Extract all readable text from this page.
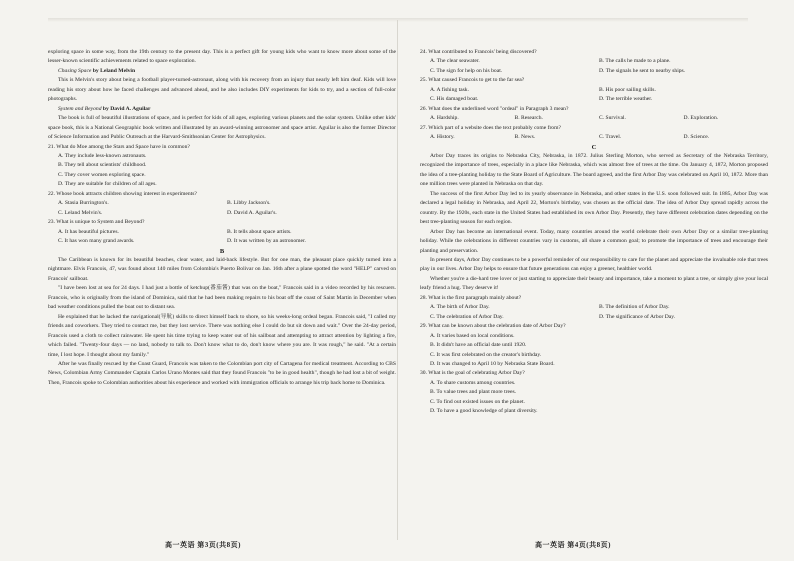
exploring space in some way, from the 19th century to the present day. This is a perfect gift for young kids who want to know more about some of the lesser-known scientific achievements related to space exploration.

Chasing Space by Leland Melvin

This is Melvin's story about being a football player-turned-astronaut, along with his recovery from an injury that nearly left him deaf. Kids will love reading his story about how he faced challenges and advanced ahead, and he also includes DIY experiments for kids to try, and a section of full-color photographs.

System and Beyond by David A. Aguilar

The book is full of beautiful illustrations of space, and is perfect for kids of all ages, exploring various planets and the solar system. Unlike other kids' space book, this is a National Geographic book written and illustrated by an award-winning astronomer and space artist. Aguilar is also the former Director of Science Information and Public Outreach at the Harvard-Smithsonian Center for Astrophysics.

21. What do Moe among the Stars and Space have in common?

A. They include less-known astronauts.
B. They tell about scientists' childhood.
C. They cover women exploring space.
D. They are suitable for children of all ages.

22. Whose book attracts children showing interest in experiments?

A. Stasia Burrington's.	B. Libby Jackson's.
C. Leland Melvin's.	D. David A. Aguilar's.

23. What is unique to System and Beyond?

A. It has beautiful pictures.	B. It tells about space artists.
C. It has won many grand awards.	D. It was written by an astronomer.

B

The Caribbean is known for its beautiful beaches, clear water, and laid-back lifestyle. But for one man, the pleasant place quickly turned into a nightmare. Elvis Francois, 47, was found about 140 miles from Colombia's Puerto Bolivar on Jan. 16th after a plane spotted the word "HELP" carved on Francois' sailboat.

"I have been lost at sea for 24 days. I had just a bottle of ketchup(番茄酱) that was on the boat," Francois said in a video recorded by his rescuers. Francois, who is originally from the island of Dominica, said that he had been making repairs to his boat off the coast of Saint Martin in December when bad weather conditions pulled the boat out to distant sea.

He explained that he lacked the navigational(导航) skills to direct himself back to shore, so his weeks-long ordeal began. Francois said, "I called my friends and coworkers. They tried to contact me, but they lost service. There was nothing else I could do but sit down and wait." Over the 24-day period, Francois used a cloth to collect rainwater. He spent his time trying to keep water out of his sailboat and attempting to attract attention by lighting a fire, which failed. "Twenty-four days — no land, nobody to talk to. Don't know what to do, don't know where you are. It was rough," he said. "At a certain time, I lost hope. I thought about my family."

After he was finally rescued by the Coast Guard, Francois was taken to the Colombian port city of Cartagena for medical treatment. According to CBS News, Colombian Army Commander Captain Carlos Urano Montes said that they found Francois "to be in good health", though he had lost a bit of weight. Then, Francois spoke to Colombian authorities about his experience and worked with immigration officials to arrange his trip back home to Dominica.

24. What contributed to Francois' being discovered?

A. The clear seawater.	B. The calls he made to a plane.
C. The sign for help on his boat.	D. The signals he sent to nearby ships.

25. What caused Francois to get to the far sea?

A. A fishing task.	B. His poor sailing skills.
C. His damaged boat.	D. The terrible weather.

26. What does the underlined word "ordeal" in Paragraph 3 mean?

A. Hardship.	B. Research.	C. Survival.	D. Exploration.

27. Which part of a website does the text probably come from?

A. History.	B. News.	C. Travel.	D. Science.

C

Arbor Day traces its origins to Nebraska City, Nebraska, in 1872. Julius Sterling Morton, who served as Secretary of the Nebraska Territory, recognized the importance of trees, especially in a place like Nebraska, which was almost free of trees at the time. On January 4, 1872, Morton proposed the idea of a tree-planting holiday to the State Board of Agriculture. The board agreed, and the first Arbor Day was celebrated on April 10, 1872. More than one million trees were planted in Nebraska on that day.

The success of the first Arbor Day led to its yearly observance in Nebraska, and other states in the U.S. soon followed suit. In 1885, Arbor Day was declared a legal holiday in Nebraska, and April 22, Morton's birthday, was chosen as the official date. The idea of Arbor Day spread rapidly across the country. By the 1920s, each state in the United States had established its own Arbor Day. Presently, they have different celebration dates depending on the best tree-planting season for each region.

Arbor Day has become an international event. Today, many countries around the world celebrate their own Arbor Day or a similar tree-planting holiday. While the celebrations in different countries vary in customs, all share a common goal; to promote the importance of trees and encourage their planting and preservation.

In present days, Arbor Day continues to be a powerful reminder of our responsibility to care for the planet and appreciate the invaluable role that trees play in our lives. Arbor Day helps to ensure that future generations can enjoy a greener, healthier world.

Whether you're a die-hard tree lover or just starting to appreciate their beauty and importance, take a moment to plant a tree, or simply give your local leafy friend a hug. They deserve it!

28. What is the first paragraph mainly about?

A. The birth of Arbor Day.	B. The definition of Arbor Day.
C. The celebration of Arbor Day.	D. The significance of Arbor Day.

29. What can be known about the celebration date of Arbor Day?

A. It varies based on local conditions.
B. It didn't have an official date until 1920.
C. It was first celebrated on the creator's birthday.
D. It was changed to April 10 by Nebraska State Board.

30. What is the goal of celebrating Arbor Day?

A. To share customs among countries.
B. To value trees and plant more trees.
C. To find out existed issues on the planet.
D. To have a good knowledge of plant diversity.
高一英语 第3页(共8页)	高一英语 第4页(共8页)
